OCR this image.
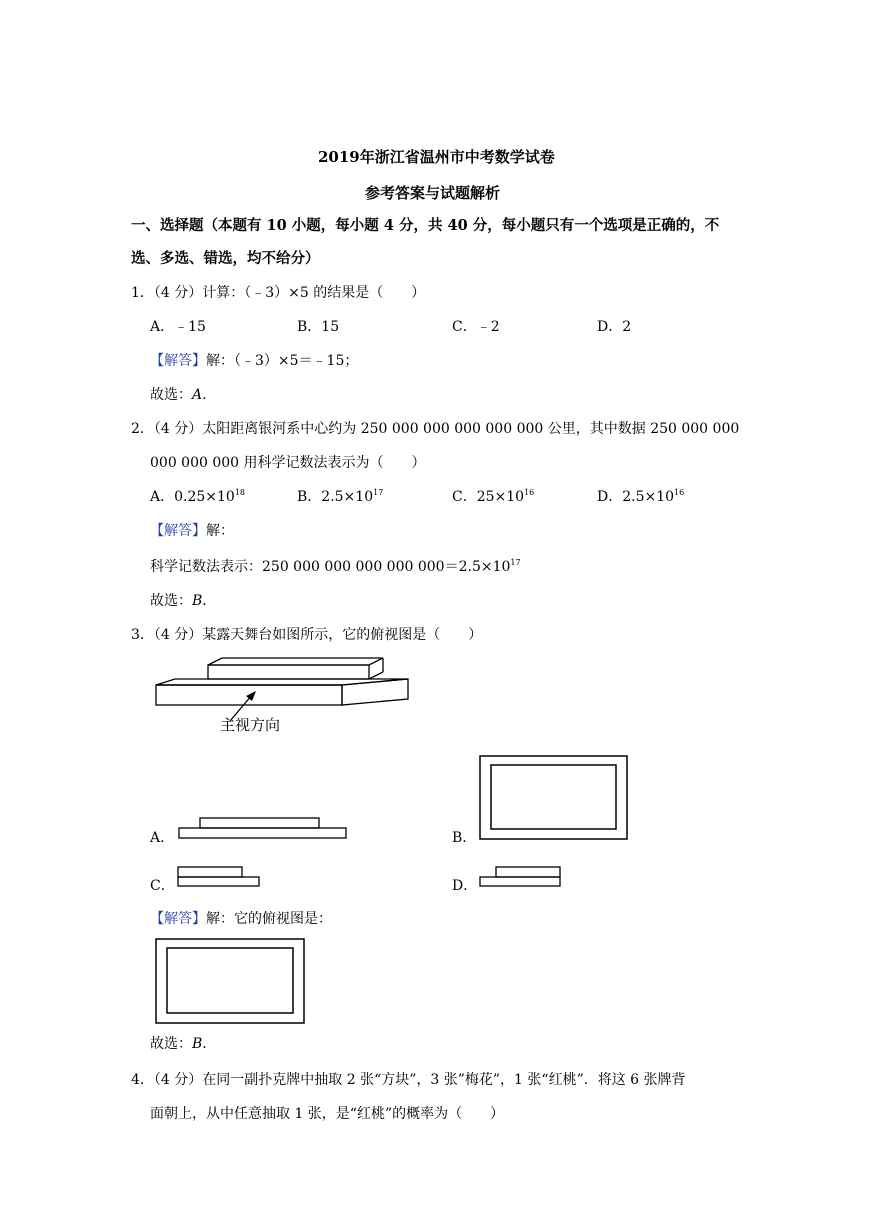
2019年浙江省温州市中考数学试卷
参考答案与试题解析
一、选择题（本题有 10 小题，每小题 4 分，共 40 分，每小题只有一个选项是正确的，不
选、多选、错选，均不给分）
1．（4 分）计算：（﹣3）×5 的结果是（　　）
A．﹣15	B．15	C．﹣2	D．2
【解答】解：（﹣3）×5＝﹣15；
故选：A.
2．（4 分）太阳距离银河系中心约为 250 000 000 000 000 000 公里，其中数据 250 000 000
000 000 000 用科学记数法表示为（　　）
A．$0.25\times 10^{18}$	B．$2.5\times 10^{17}$	C．$25\times 10^{16}$	D．$2.5\times 10^{16}$
【解答】解：
科学记数法表示：250 000 000 000 000 $000=2.5\times 10^{17}$
故选：B.
3．（4 分）某露天舞台如图所示，它的俯视图是（　　）
主视方向
A．	B．
C．	D．
【解答】解：它的俯视图是：
故选：B.
4．（4 分）在同一副扑克牌中抽取 2 张“方块”，3 张”梅花”，1 张“红桃”．将这 6 张牌背
面朝上，从中任意抽取 1 张，是“红桃”的概率为（　　）
